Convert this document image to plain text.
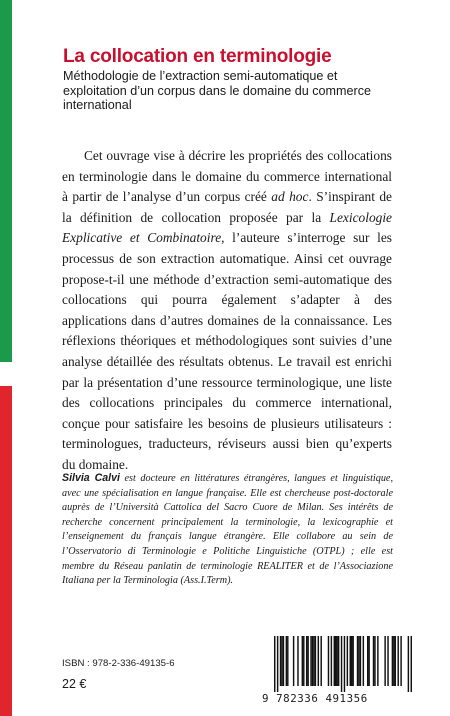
La collocation en terminologie

Méthodologie de l’extraction semi-automatique et exploitation d’un corpus dans le domaine du commerce international

Cet ouvrage vise à décrire les propriétés des collocations en terminologie dans le domaine du commerce international à partir de l’analyse d’un corpus créé ad hoc. S’inspirant de la définition de collocation proposée par la Lexicologie Explicative et Combinatoire, l’auteure s’interroge sur les processus de son extraction automatique. Ainsi cet ouvrage propose-t-il une méthode d’extraction semi-automatique des collocations qui pourra également s’adapter à des applications dans d’autres domaines de la connaissance. Les réflexions théoriques et méthodologiques sont suivies d’une analyse détaillée des résultats obtenus. Le travail est enrichi par la présentation d’une ressource terminologique, une liste des collocations principales du commerce international, conçue pour satisfaire les besoins de plusieurs utilisateurs : terminologues, traducteurs, réviseurs aussi bien qu’experts du domaine.

Silvia Calvi est docteure en littératures étrangères, langues et linguistique, avec une spécialisation en langue française. Elle est chercheuse post-doctorale auprès de l’Università Cattolica del Sacro Cuore de Milan. Ses intérêts de recherche concernent principalement la terminologie, la lexicographie et l’enseignement du français langue étrangère. Elle collabore au sein de l’Osservatorio di Terminologie e Politiche Linguistiche (OTPL) ; elle est membre du Réseau panlatin de terminologie REALITER et de l’Associazione Italiana per la Terminologia (Ass.I.Term).

ISBN : 978-2-336-49135-6
22 €
9 782336 491356
